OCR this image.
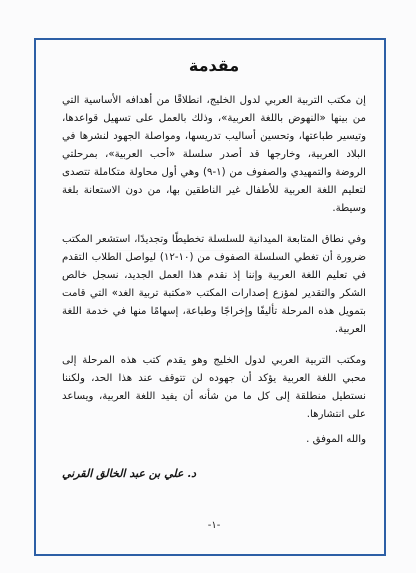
مقدمة

إن مكتب التربية العربي لدول الخليج، انطلاقًا من أهدافه الأساسية التي من بينها «النهوض باللغة العربية»، وذلك بالعمل على تسهيل قواعدها، وتيسير طباعتها، وتحسين أساليب تدريسها، ومواصلة الجهود لنشرها في البلاد العربية، وخارجها قد أصدر سلسلة «أحب العربية»، بمرحلتي الروضة والتمهيدي والصفوف من (١-٩) وهي أول محاولة متكاملة تتصدى لتعليم اللغة العربية للأطفال غير الناطقين بها، من دون الاستعانة بلغة وسيطة.

وفي نطاق المتابعة الميدانية للسلسلة تخطيطًا وتجديدًا، استشعر المكتب ضرورة أن تغطي السلسلة الصفوف من (١٠-١٢) ليواصل الطلاب التقدم في تعليم اللغة العربية وإننا إذ نقدم هذا العمل الجديد، نسجل خالص الشكر والتقدير لمؤزع إصدارات المكتب «مكتبة تربية الغد» التي قامت بتمويل هذه المرحلة تأليفًا وإخراجًا وطباعة، إسهامًا منها في خدمة اللغة العربية.

ومكتب التربية العربي لدول الخليج وهو يقدم كتب هذه المرحلة إلى محبي اللغة العربية يؤكد أن جهوده لن تتوقف عند هذا الحد، ولكننا نستطيل منطلقة إلى كل ما من شأنه أن يفيد اللغة العربية، ويساعد على انتشارها.

والله الموفق .

د. علي بن عبد الخالق القرني
-١-
